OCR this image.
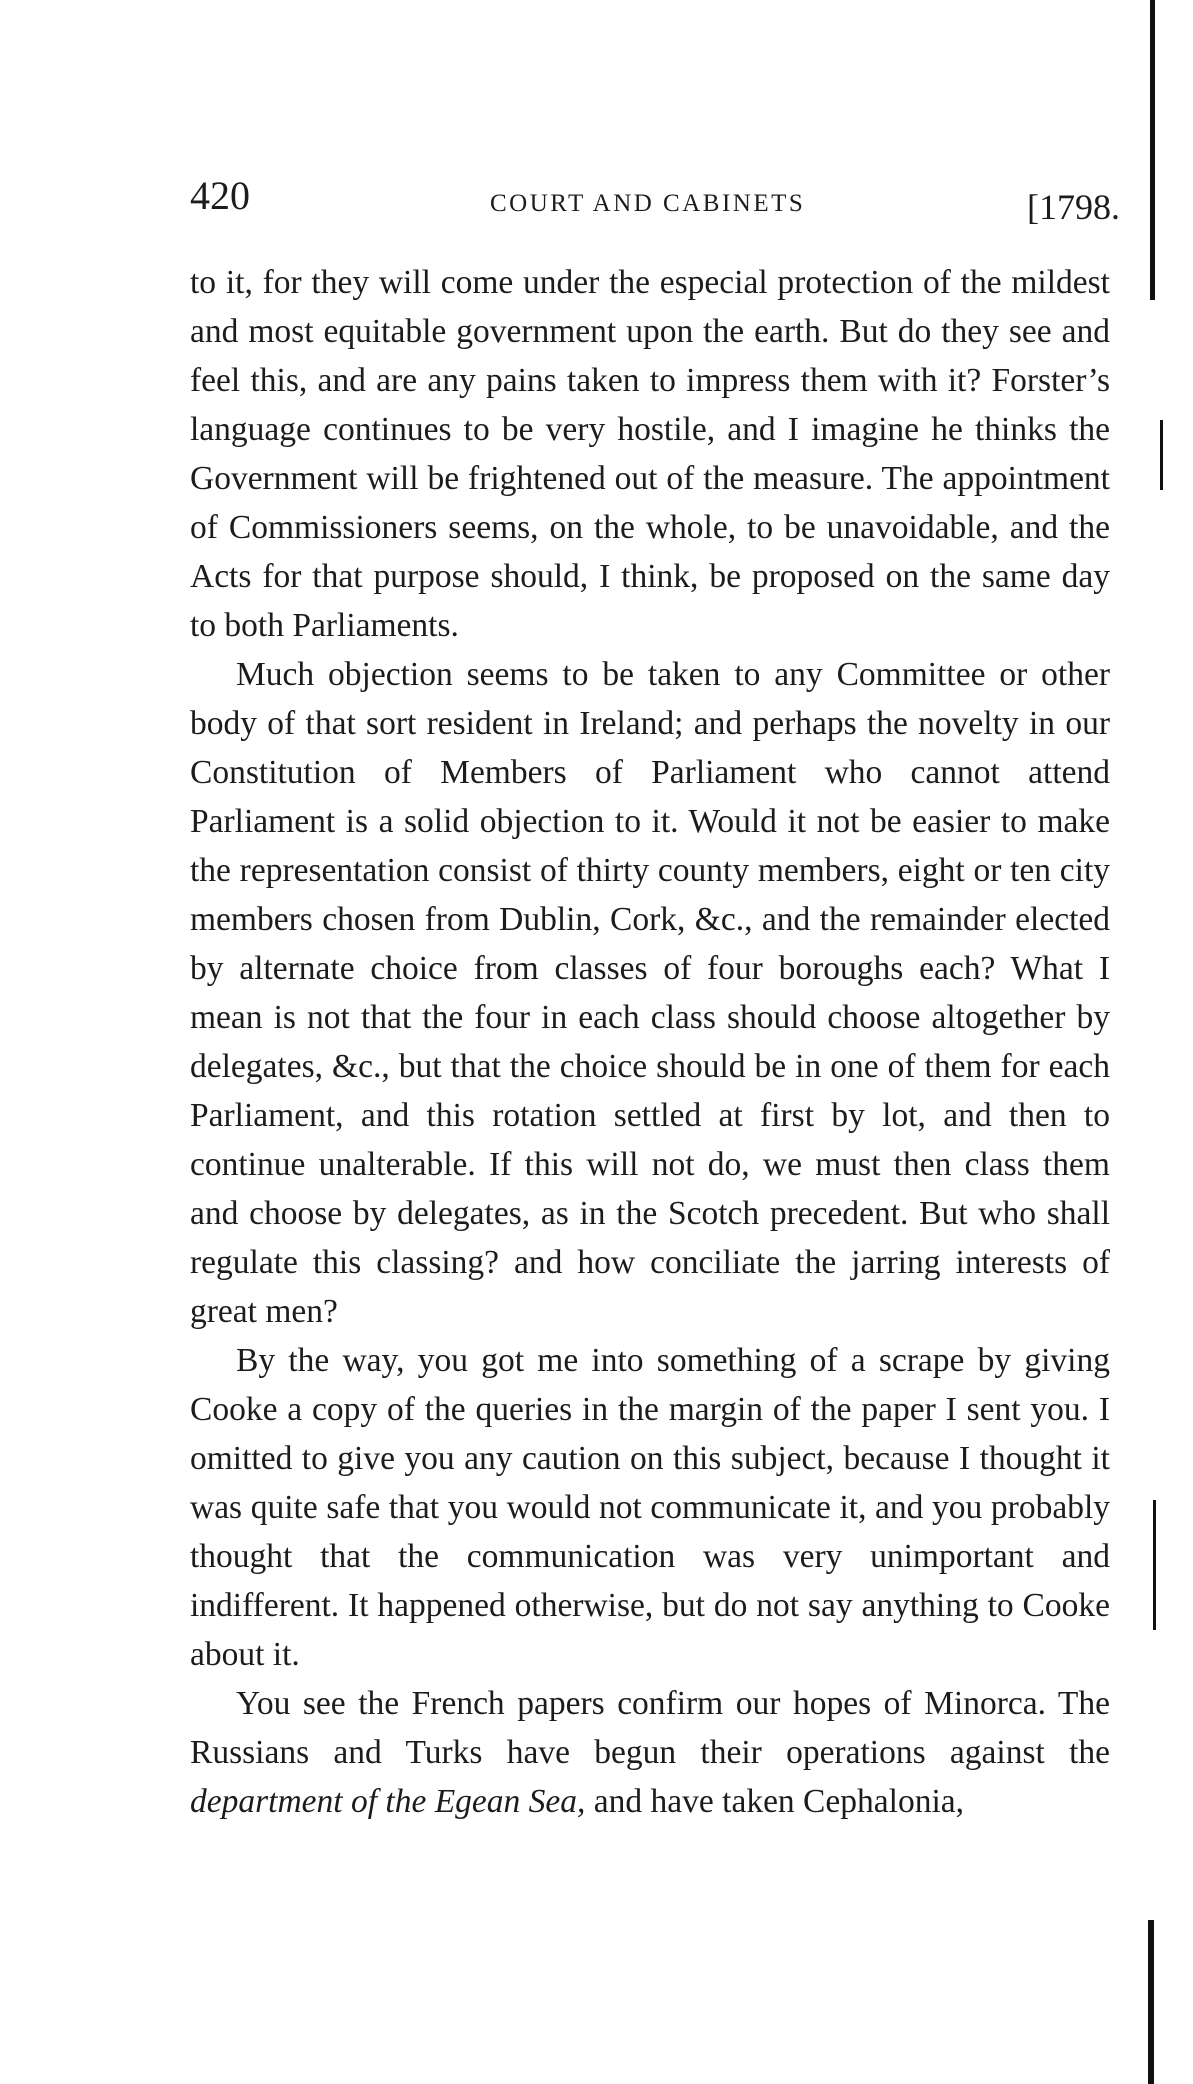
420	COURT AND CABINETS	[1798.

to it, for they will come under the especial protection of the mildest and most equitable government upon the earth. But do they see and feel this, and are any pains taken to impress them with it? Forster’s language continues to be very hostile, and I imagine he thinks the Government will be frightened out of the measure. The appointment of Commissioners seems, on the whole, to be unavoidable, and the Acts for that purpose should, I think, be proposed on the same day to both Parliaments.

Much objection seems to be taken to any Committee or other body of that sort resident in Ireland; and perhaps the novelty in our Constitution of Members of Parliament who cannot attend Parliament is a solid objection to it. Would it not be easier to make the representation consist of thirty county members, eight or ten city members chosen from Dublin, Cork, &c., and the remainder elected by alternate choice from classes of four boroughs each? What I mean is not that the four in each class should choose altogether by delegates, &c., but that the choice should be in one of them for each Parliament, and this rotation settled at first by lot, and then to continue unalterable. If this will not do, we must then class them and choose by delegates, as in the Scotch precedent. But who shall regulate this classing? and how conciliate the jarring interests of great men?

By the way, you got me into something of a scrape by giving Cooke a copy of the queries in the margin of the paper I sent you. I omitted to give you any caution on this subject, because I thought it was quite safe that you would not communicate it, and you probably thought that the communication was very unimportant and indifferent. It happened otherwise, but do not say anything to Cooke about it.

You see the French papers confirm our hopes of Minorca. The Russians and Turks have begun their operations against the department of the Egean Sea, and have taken Cephalonia,
